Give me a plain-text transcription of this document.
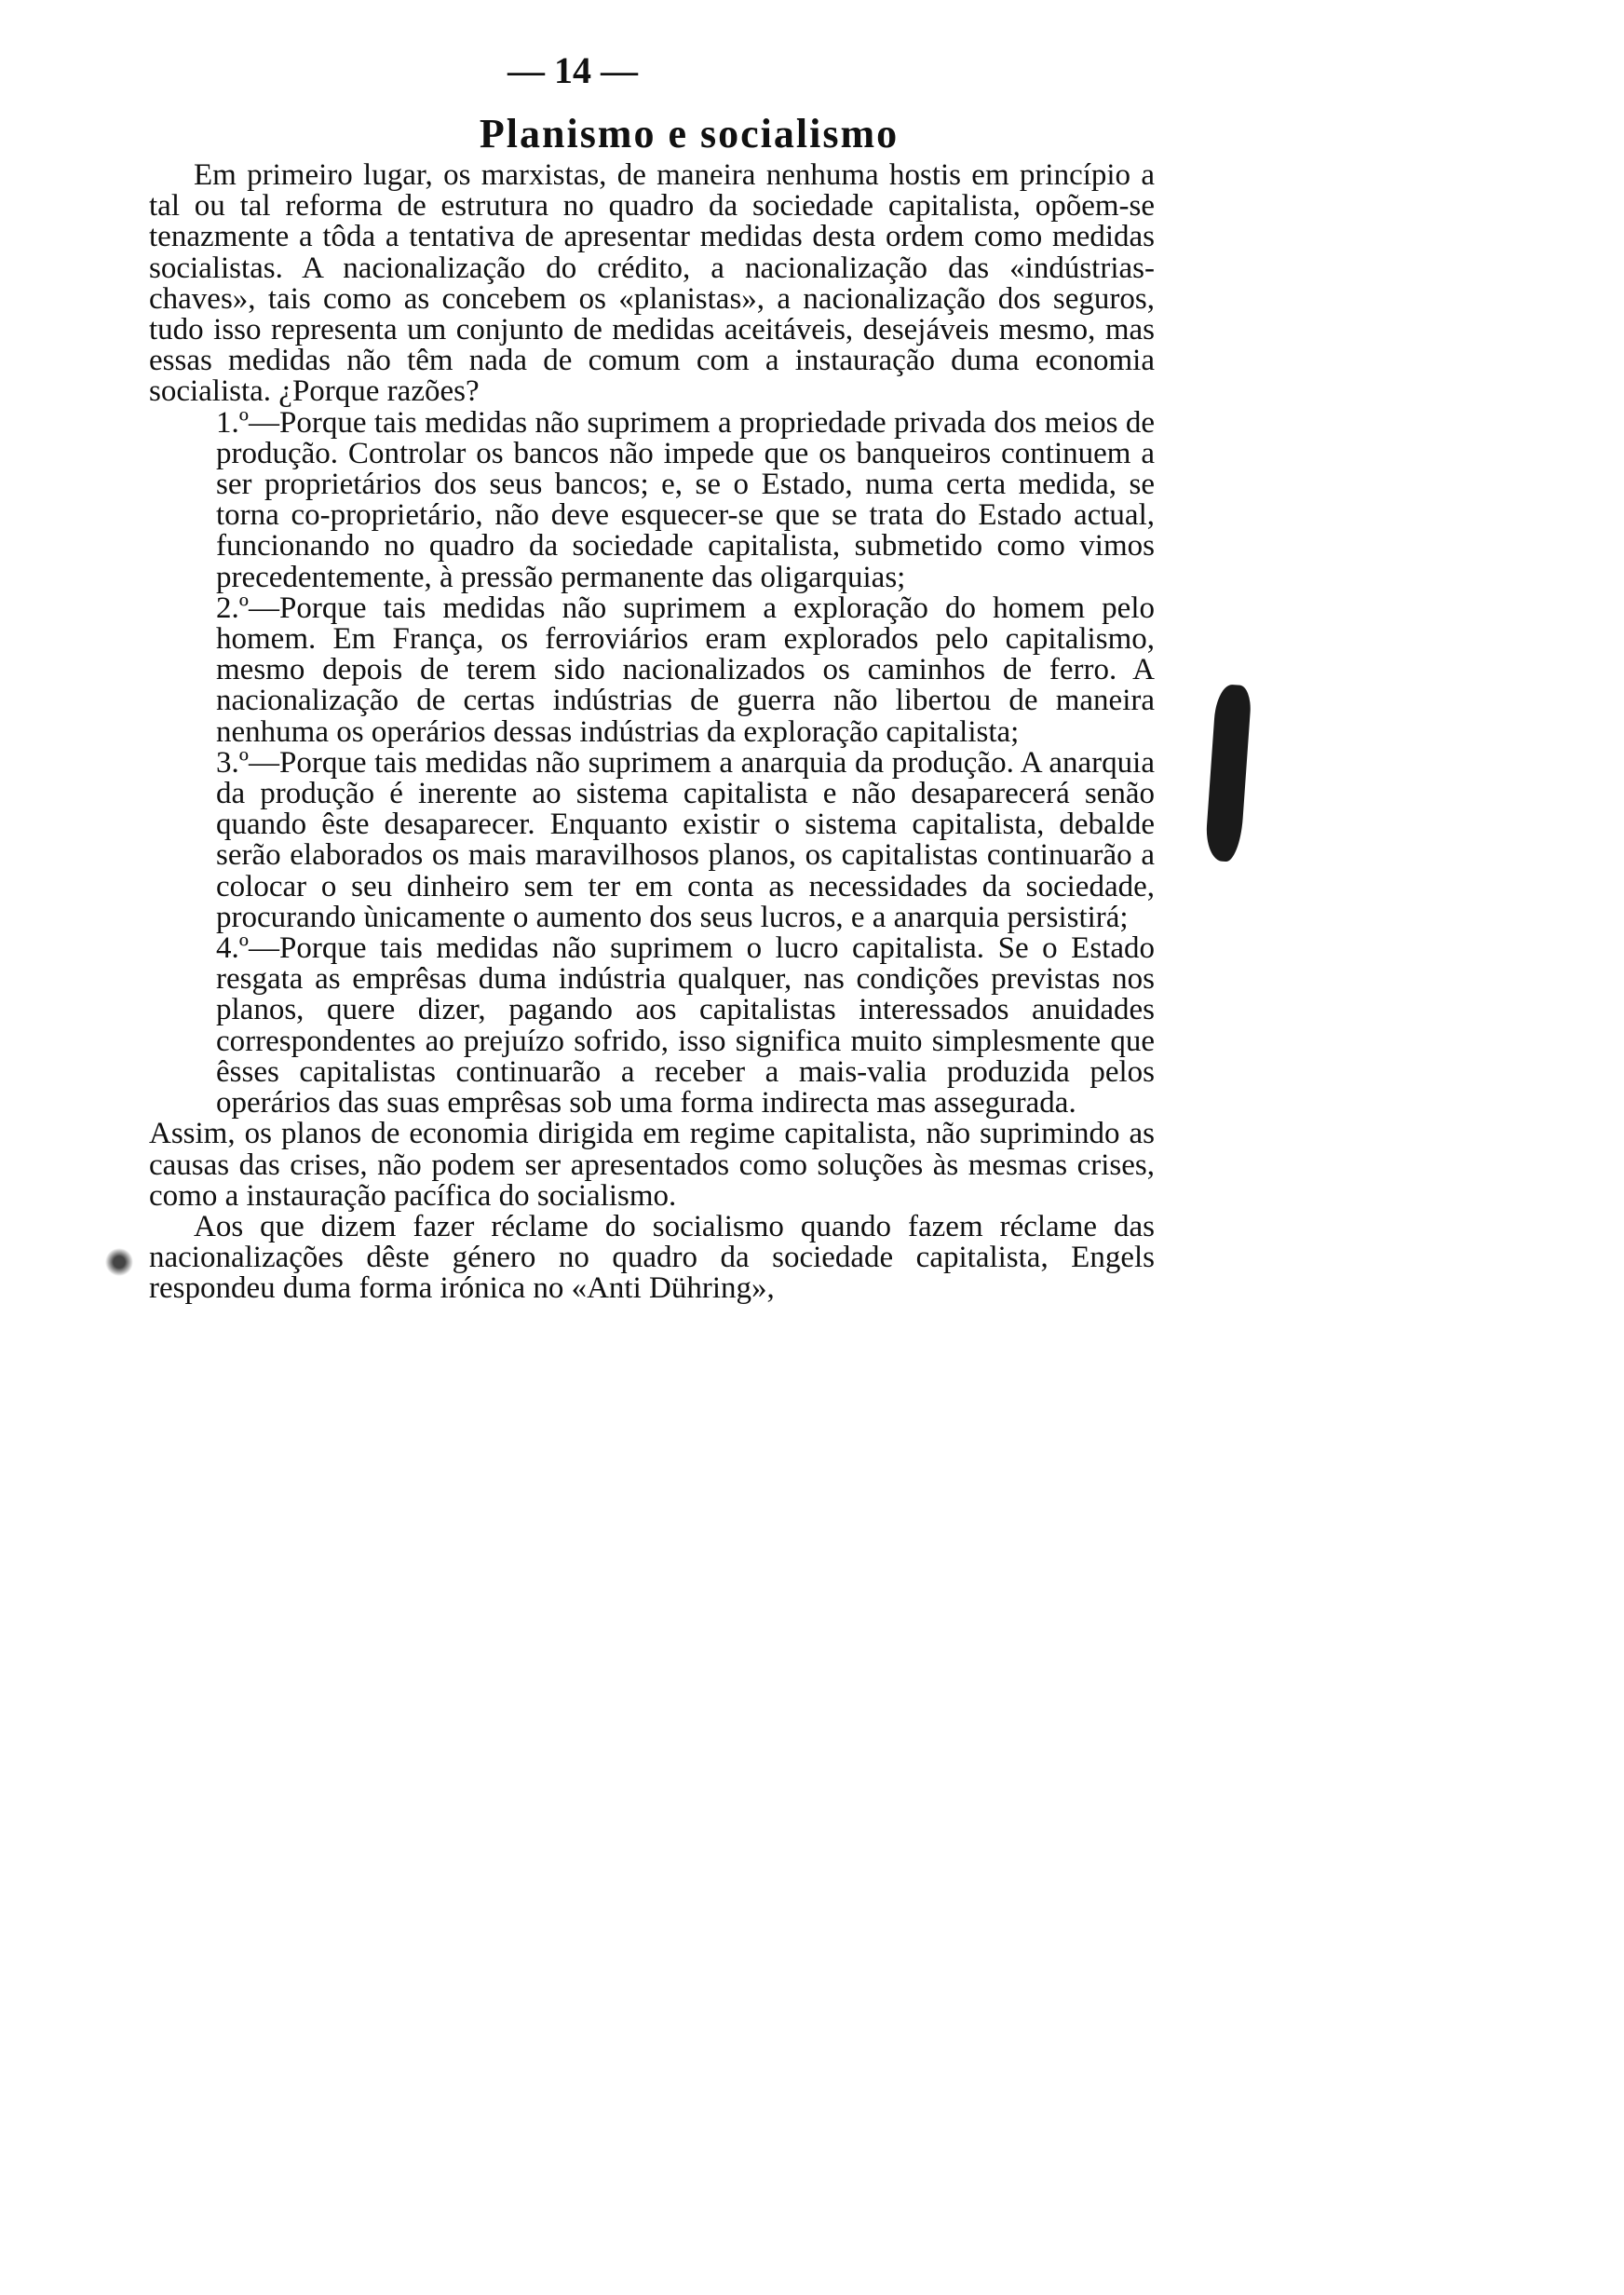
— 14 —
Planismo e socialismo

Em primeiro lugar, os marxistas, de maneira nenhuma hostis em princípio a tal ou tal reforma de estrutura no quadro da sociedade capitalista, opõem-se tenazmente a tôda a tentativa de apresentar medidas desta ordem como medidas socialistas. A nacionalização do crédito, a nacionalização das «indústrias-chaves», tais como as concebem os «planistas», a nacionalização dos seguros, tudo isso representa um conjunto de medidas aceitáveis, desejáveis mesmo, mas essas medidas não têm nada de comum com a instauração duma economia socialista. ¿Porque razões?

1.º—Porque tais medidas não suprimem a propriedade privada dos meios de produção. Controlar os bancos não impede que os banqueiros continuem a ser proprietários dos seus bancos; e, se o Estado, numa certa medida, se torna co-proprietário, não deve esquecer-se que se trata do Estado actual, funcionando no quadro da sociedade capitalista, submetido como vimos precedentemente, à pressão permanente das oligarquias;

2.º—Porque tais medidas não suprimem a exploração do homem pelo homem. Em França, os ferroviários eram explorados pelo capitalismo, mesmo depois de terem sido nacionalizados os caminhos de ferro. A nacionalização de certas indústrias de guerra não libertou de maneira nenhuma os operários dessas indústrias da exploração capitalista;

3.º—Porque tais medidas não suprimem a anarquia da produção. A anarquia da produção é inerente ao sistema capitalista e não desaparecerá senão quando êste desaparecer. Enquanto existir o sistema capitalista, debalde serão elaborados os mais maravilhosos planos, os capitalistas continuarão a colocar o seu dinheiro sem ter em conta as necessidades da sociedade, procurando ùnicamente o aumento dos seus lucros, e a anarquia persistirá;

4.º—Porque tais medidas não suprimem o lucro capitalista. Se o Estado resgata as emprêsas duma indústria qualquer, nas condições previstas nos planos, quere dizer, pagando aos capitalistas interessados anuidades correspondentes ao prejuízo sofrido, isso significa muito simplesmente que êsses capitalistas continuarão a receber a mais-valia produzida pelos operários das suas emprêsas sob uma forma indirecta mas assegurada.

Assim, os planos de economia dirigida em regime capitalista, não suprimindo as causas das crises, não podem ser apresentados como soluções às mesmas crises, como a instauração pacífica do socialismo.

Aos que dizem fazer réclame do socialismo quando fazem réclame das nacionalizações dêste género no quadro da sociedade capitalista, Engels respondeu duma forma irónica no «Anti Dühring»,
